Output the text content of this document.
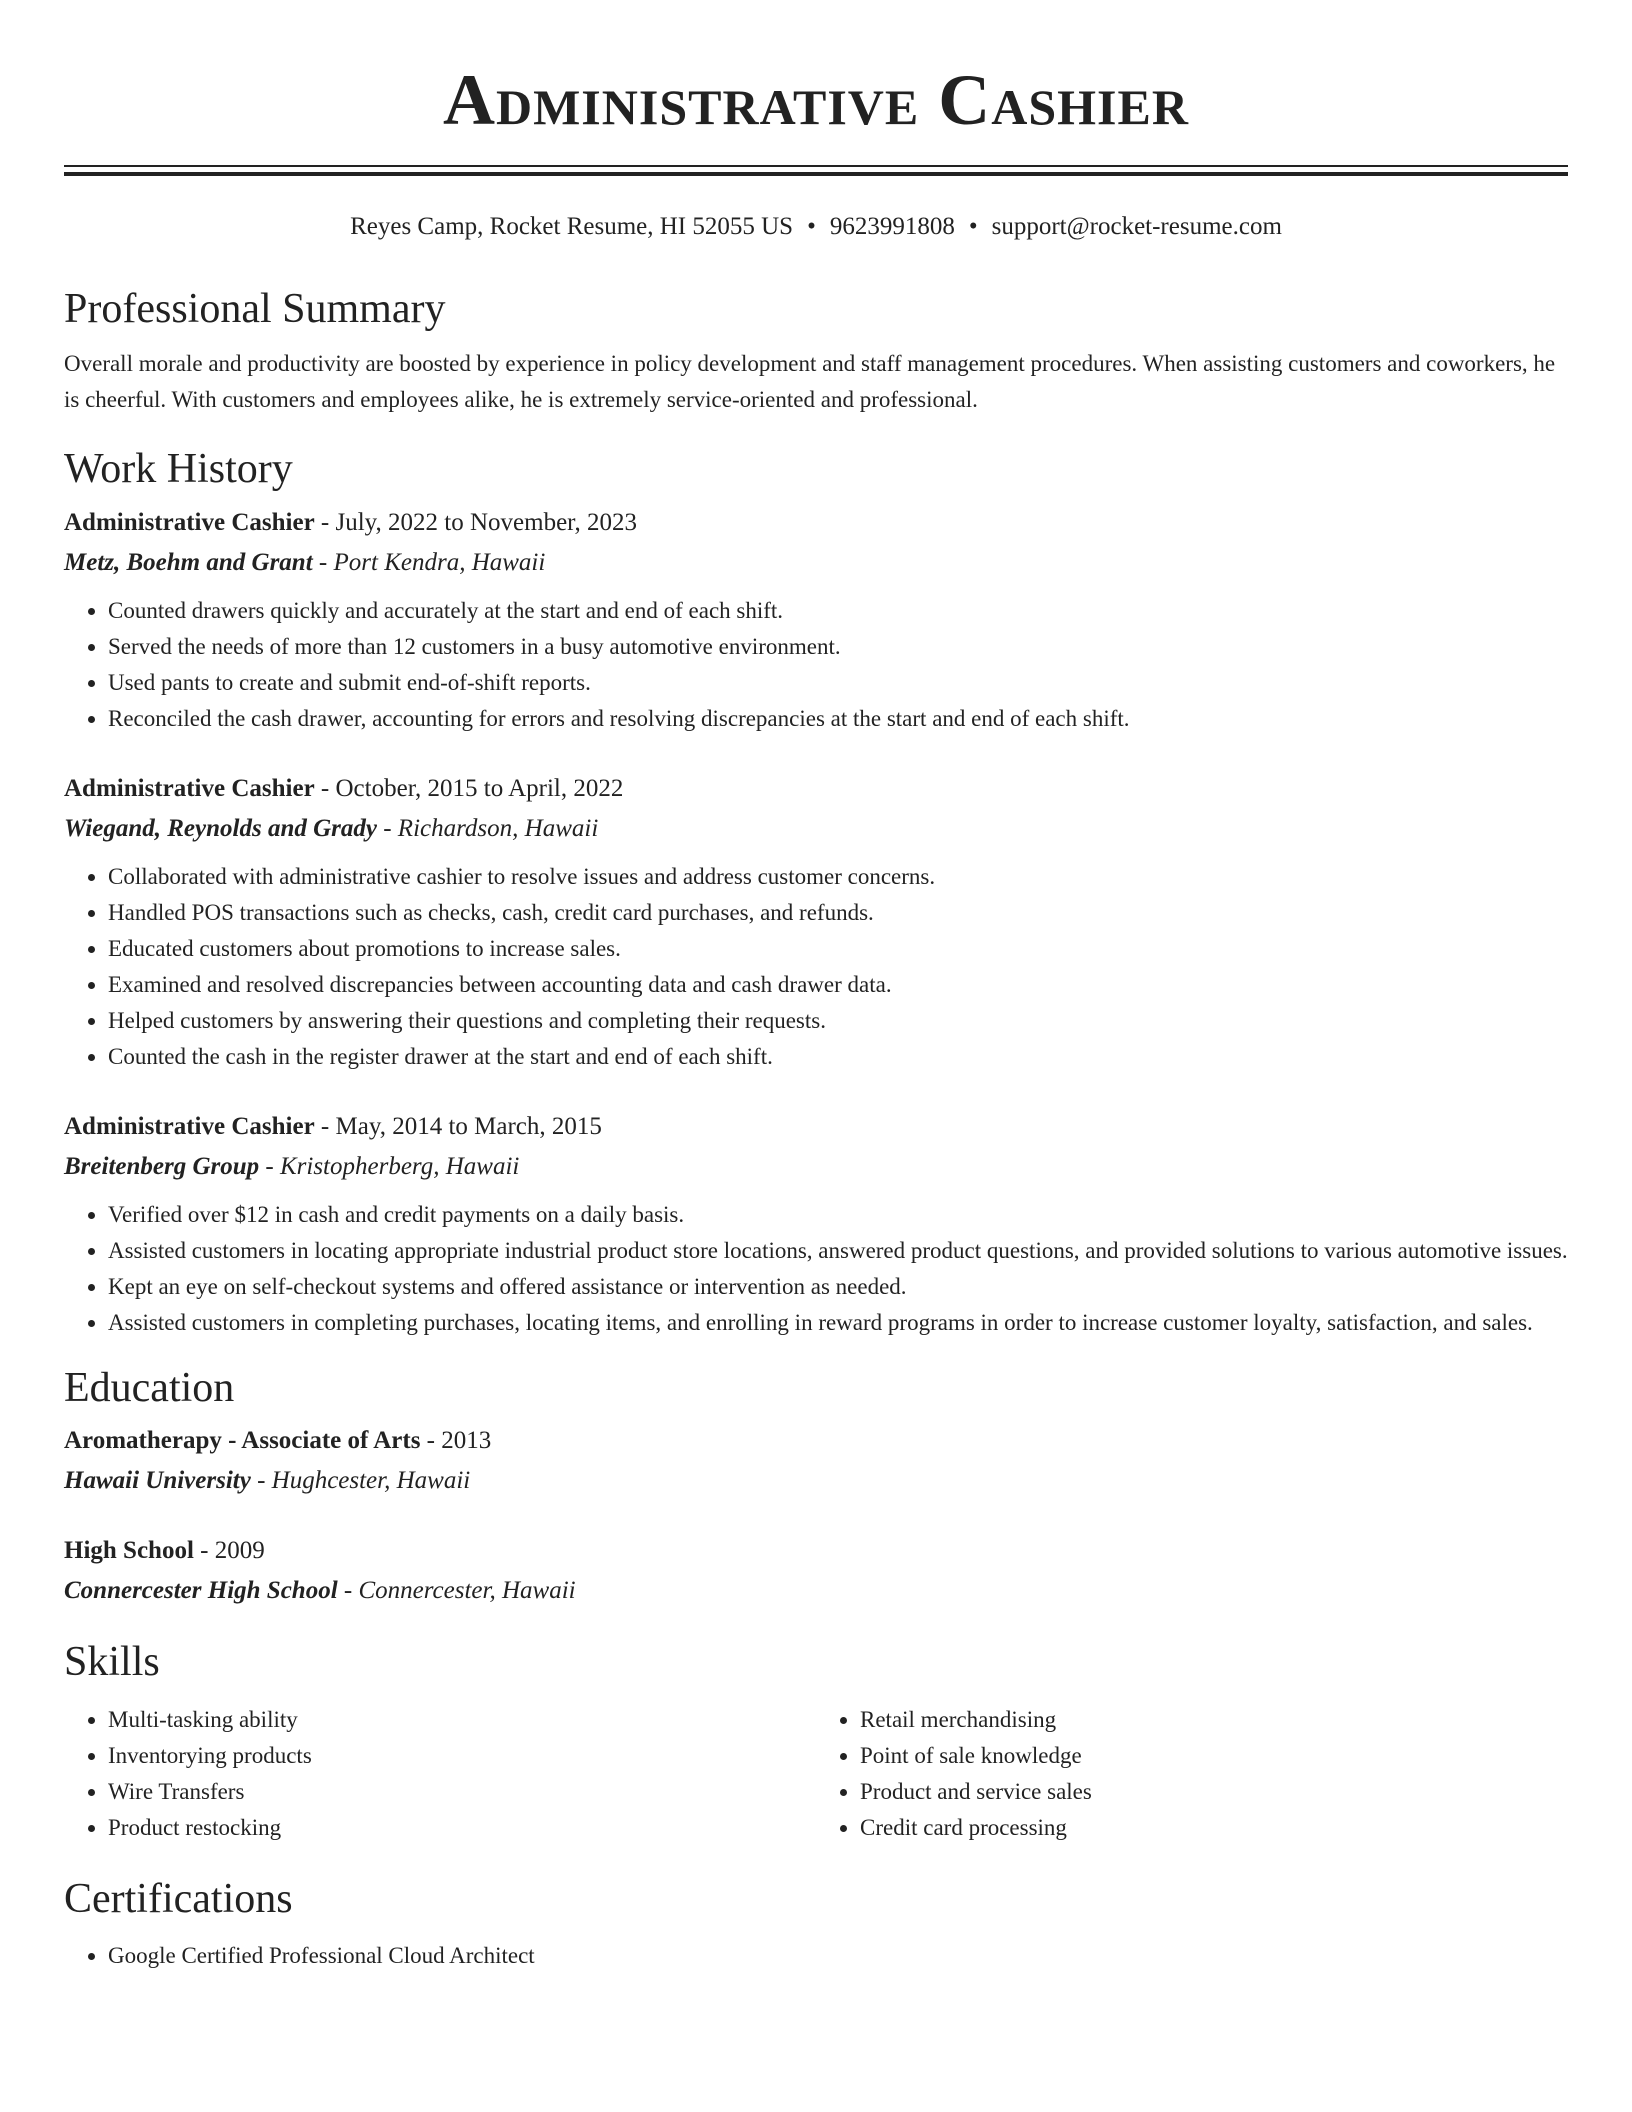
Administrative Cashier
Reyes Camp, Rocket Resume, HI 52055 US • 9623991808 • support@rocket-resume.com
Professional Summary

Overall morale and productivity are boosted by experience in policy development and staff management procedures. When assisting customers and coworkers, he is cheerful. With customers and employees alike, he is extremely service-oriented and professional.

Work History
Administrative Cashier - July, 2022 to November, 2023
Metz, Boehm and Grant - Port Kendra, Hawaii
• Counted drawers quickly and accurately at the start and end of each shift.
• Served the needs of more than 12 customers in a busy automotive environment.
• Used pants to create and submit end-of-shift reports.
• Reconciled the cash drawer, accounting for errors and resolving discrepancies at the start and end of each shift.
Administrative Cashier - October, 2015 to April, 2022
Wiegand, Reynolds and Grady - Richardson, Hawaii
• Collaborated with administrative cashier to resolve issues and address customer concerns.
• Handled POS transactions such as checks, cash, credit card purchases, and refunds.
• Educated customers about promotions to increase sales.
• Examined and resolved discrepancies between accounting data and cash drawer data.
• Helped customers by answering their questions and completing their requests.
• Counted the cash in the register drawer at the start and end of each shift.
Administrative Cashier - May, 2014 to March, 2015
Breitenberg Group - Kristopherberg, Hawaii
• Verified over $12 in cash and credit payments on a daily basis.
• Assisted customers in locating appropriate industrial product store locations, answered product questions, and provided solutions to various automotive issues.
• Kept an eye on self-checkout systems and offered assistance or intervention as needed.
• Assisted customers in completing purchases, locating items, and enrolling in reward programs in order to increase customer loyalty, satisfaction, and sales.
Education
Aromatherapy - Associate of Arts - 2013
Hawaii University - Hughcester, Hawaii
High School - 2009
Connercester High School - Connercester, Hawaii
Skills
• Multi-tasking ability
• Inventorying products
• Wire Transfers
• Product restocking
• Retail merchandising
• Point of sale knowledge
• Product and service sales
• Credit card processing
Certifications
• Google Certified Professional Cloud Architect
